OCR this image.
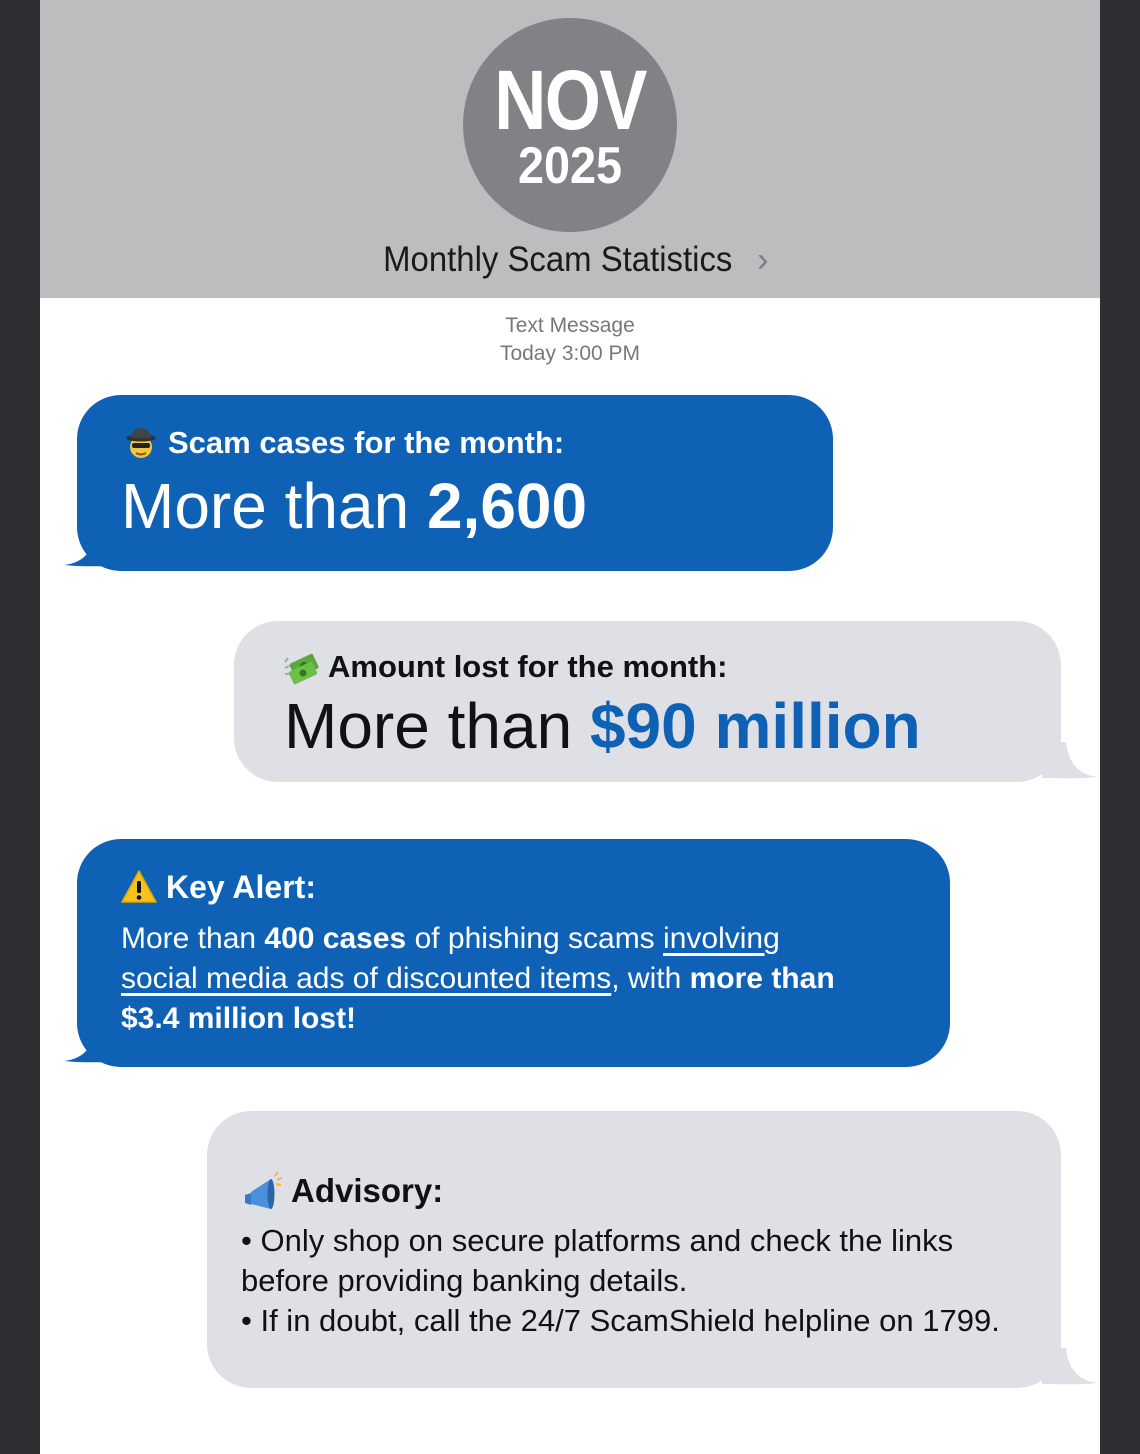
NOV
2025
Monthly Scam Statistics ›
Text Message
Today 3:00 PM
Scam cases for the month:
More than 2,600
Amount lost for the month:
More than $90 million
Key Alert:
More than 400 cases of phishing scams involving
social media ads of discounted items, with more than
$3.4 million lost!
Advisory:
• Only shop on secure platforms and check the links
before providing banking details.
• If in doubt, call the 24/7 ScamShield helpline on 1799.
